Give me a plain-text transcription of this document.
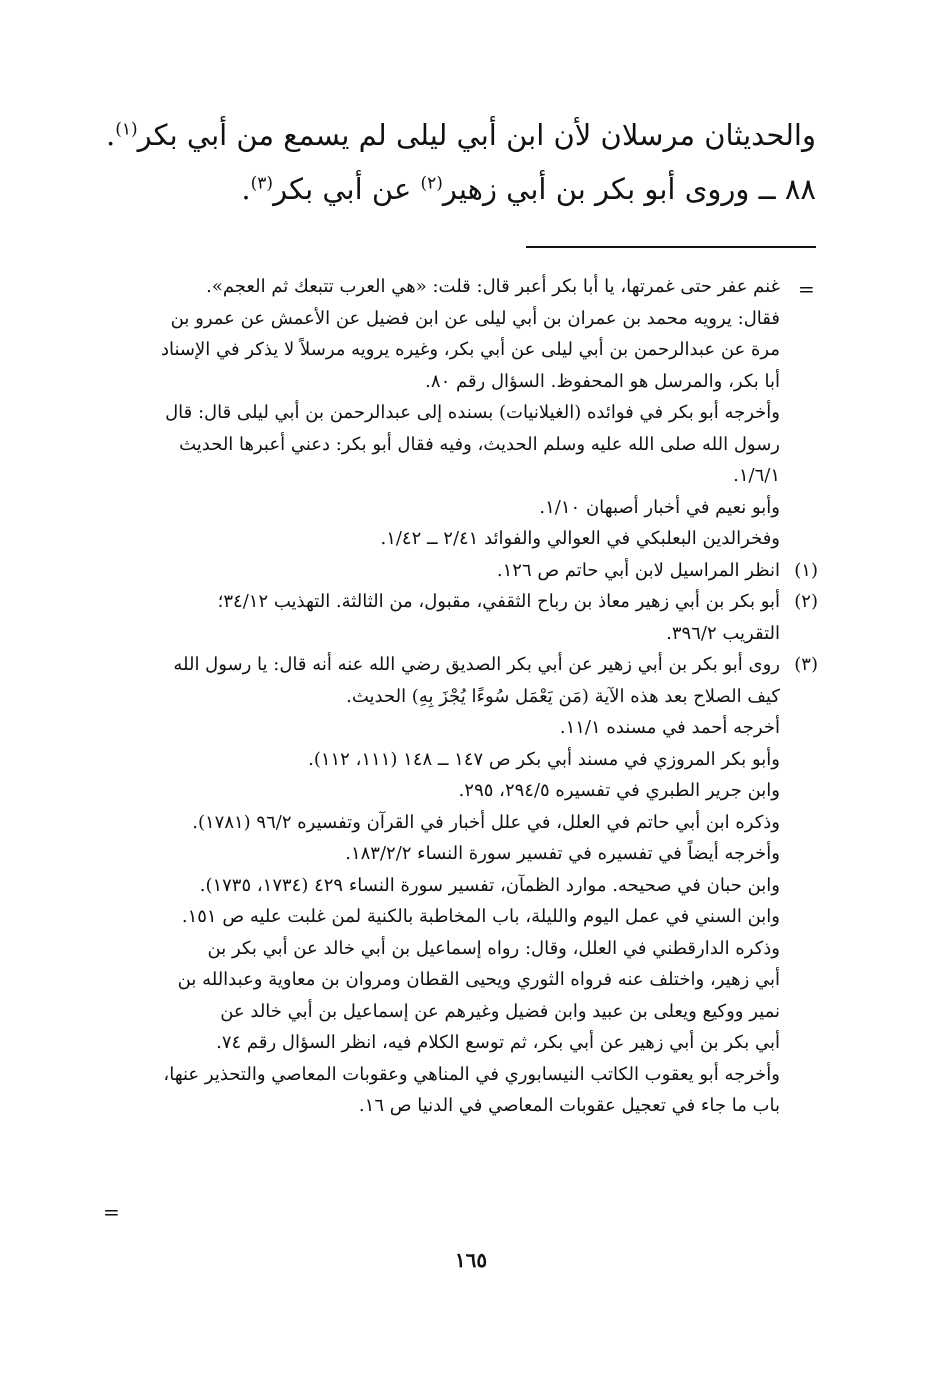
والحديثان مرسلان لأن ابن أبي ليلى لم يسمع من أبي بكر$^{(١)}$.

٨٨ ــ وروى أبو بكر بن أبي زهير$^{(٢)}$ عن أبي بكر$^{(٣)}$.

=

غنم عفر حتى غمرتها، يا أبا بكر أعبر قال: قلت: «هي العرب تتبعك ثم العجم».

فقال: يرويه محمد بن عمران بن أبي ليلى عن ابن فضيل عن الأعمش عن عمرو بن

مرة عن عبدالرحمن بن أبي ليلى عن أبي بكر، وغيره يرويه مرسلاً لا يذكر في الإسناد

أبا بكر، والمرسل هو المحفوظ. السؤال رقم ٨٠.

وأخرجه أبو بكر في فوائده (الغيلانيات) بسنده إلى عبدالرحمن بن أبي ليلى قال: قال

رسول الله صلى الله عليه وسلم الحديث، وفيه فقال أبو بكر: دعني أعبرها الحديث

١/٦/١.

وأبو نعيم في أخبار أصبهان ١/١٠.

وفخرالدين البعلبكي في العوالي والفوائد ٢/٤١ ــ ١/٤٢.

(١)
انظر المراسيل لابن أبي حاتم ص ١٢٦.

(٢)
أبو بكر بن أبي زهير معاذ بن رباح الثقفي، مقبول، من الثالثة. التهذيب ٣٤/١٢؛

التقريب ٣٩٦/٢.

(٣)
روى أبو بكر بن أبي زهير عن أبي بكر الصديق رضي الله عنه أنه قال: يا رسول الله

كيف الصلاح بعد هذه الآية (مَن يَعْمَل سُوءًا يُجْزَ بِهِ) الحديث.

أخرجه أحمد في مسنده ١١/١.

وأبو بكر المروزي في مسند أبي بكر ص ١٤٧ ــ ١٤٨ (١١١، ١١٢).

وابن جرير الطبري في تفسيره ٢٩٤/٥، ٢٩٥.

وذكره ابن أبي حاتم في العلل، في علل أخبار في القرآن وتفسيره ٩٦/٢ (١٧٨١).

وأخرجه أيضاً في تفسيره في تفسير سورة النساء ١٨٣/٢/٢.

وابن حبان في صحيحه. موارد الظمآن، تفسير سورة النساء ٤٢٩ (١٧٣٤، ١٧٣٥).

وابن السني في عمل اليوم والليلة، باب المخاطبة بالكنية لمن غلبت عليه ص ١٥١.

وذكره الدارقطني في العلل، وقال: رواه إسماعيل بن أبي خالد عن أبي بكر بن

أبي زهير، واختلف عنه فرواه الثوري ويحيى القطان ومروان بن معاوية وعبدالله بن

نمير ووكيع ويعلى بن عبيد وابن فضيل وغيرهم عن إسماعيل بن أبي خالد عن

أبي بكر بن أبي زهير عن أبي بكر، ثم توسع الكلام فيه، انظر السؤال رقم ٧٤.

وأخرجه أبو يعقوب الكاتب النيسابوري في المناهي وعقوبات المعاصي والتحذير عنها،

باب ما جاء في تعجيل عقوبات المعاصي في الدنيا ص ١٦.

=
١٦٥
